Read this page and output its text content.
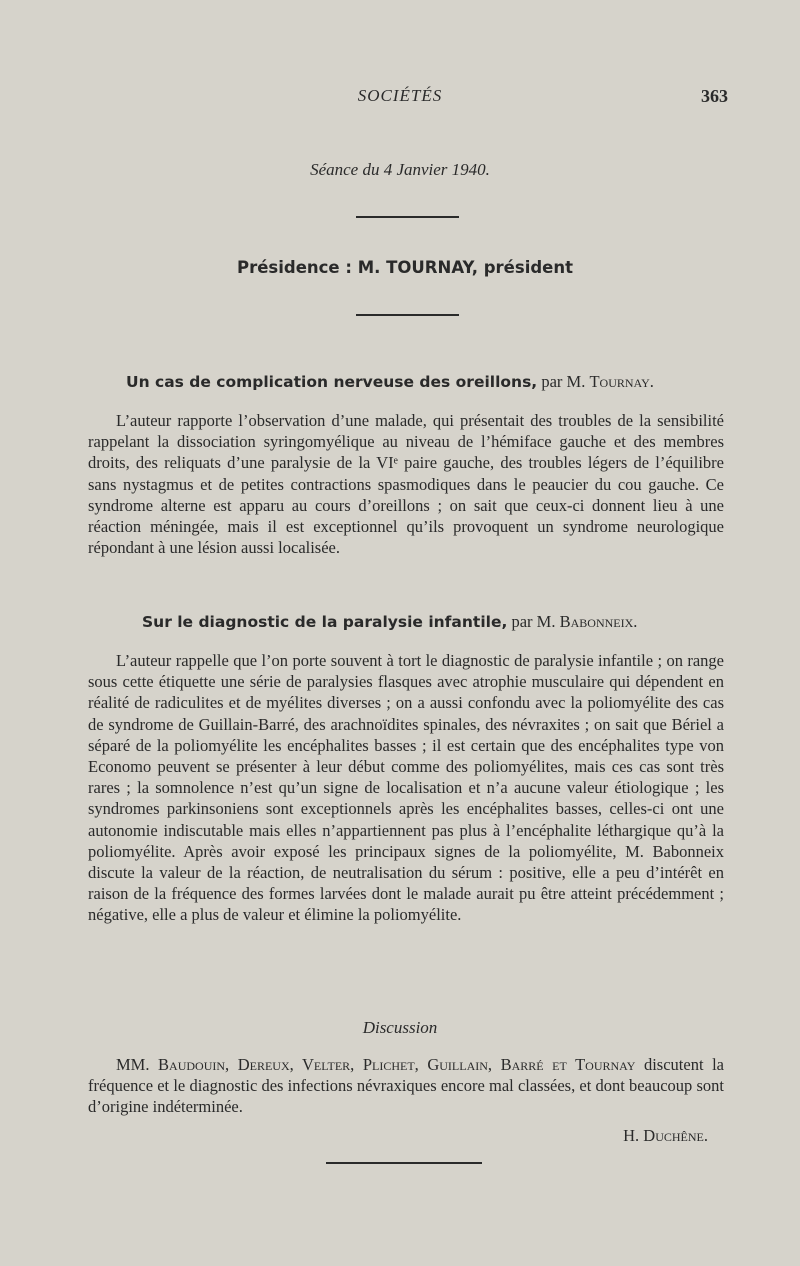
SOCIÉTÉS	363
Séance du 4 Janvier 1940.
Présidence : M. TOURNAY, président
Un cas de complication nerveuse des oreillons, par M. Tournay.

L’auteur rapporte l’observation d’une malade, qui présentait des troubles de la sensibilité rappelant la dissociation syringomyélique au niveau de l’hémiface gauche et des membres droits, des reliquats d’une paralysie de la VIᵉ paire gauche, des troubles légers de l’équilibre sans nystagmus et de petites contractions spasmodiques dans le peaucier du cou gauche. Ce syndrome alterne est apparu au cours d’oreillons ; on sait que ceux-ci donnent lieu à une réaction méningée, mais il est exceptionnel qu’ils provoquent un syndrome neurologique répondant à une lésion aussi localisée.

Sur le diagnostic de la paralysie infantile, par M. Babonneix.

L’auteur rappelle que l’on porte souvent à tort le diagnostic de paralysie infantile ; on range sous cette étiquette une série de paralysies flasques avec atrophie musculaire qui dépendent en réalité de radiculites et de myélites diverses ; on a aussi confondu avec la poliomyélite des cas de syndrome de Guillain-Barré, des arachnoïdites spinales, des névraxites ; on sait que Bériel a séparé de la poliomyélite les encéphalites basses ; il est certain que des encéphalites type von Economo peuvent se présenter à leur début comme des poliomyélites, mais ces cas sont très rares ; la somnolence n’est qu’un signe de localisation et n’a aucune valeur étiologique ; les syndromes parkinsoniens sont exceptionnels après les encéphalites basses, celles-ci ont une autonomie indiscutable mais elles n’appartiennent pas plus à l’encéphalite léthargique qu’à la poliomyélite. Après avoir exposé les principaux signes de la poliomyélite, M. Babonneix discute la valeur de la réaction, de neutralisation du sérum : positive, elle a peu d’intérêt en raison de la fréquence des formes larvées dont le malade aurait pu être atteint précédemment ; négative, elle a plus de valeur et élimine la poliomyélite.

Discussion

MM. Baudouin, Dereux, Velter, Plichet, Guillain, Barré et Tournay discutent la fréquence et le diagnostic des infections névraxiques encore mal classées, et dont beaucoup sont d’origine indéterminée.

H. Duchêne.
